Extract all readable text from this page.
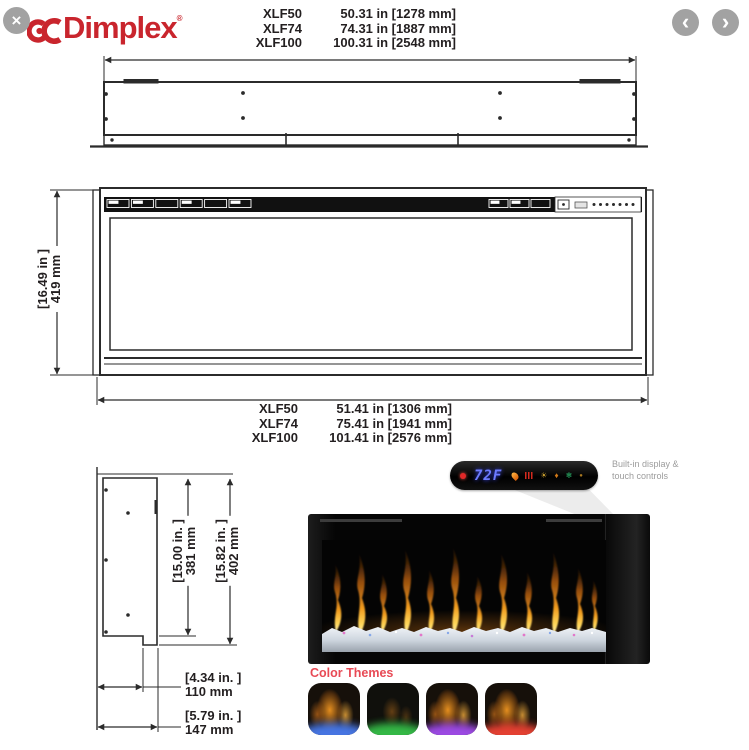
×	‹ ›
Dimplex ®	XLF50	50.31 in [1278 mm]
XLF74	74.31 in [1887 mm]
XLF100	100.31 in [2548 mm]
[16.49 in ]
419 mm
XLF50	51.41 in [1306 mm]
XLF74	75.41 in [1941 mm]
XLF100	101.41 in [2576 mm]
[15.00 in. ]
381 mm [15.82 in. ]
402 mm
[4.34 in. ]
110 mm
[5.79 in. ]
147 mm
72F	☀ ♦ ❄ ●
Built-in display &
touch controls
Color Themes
